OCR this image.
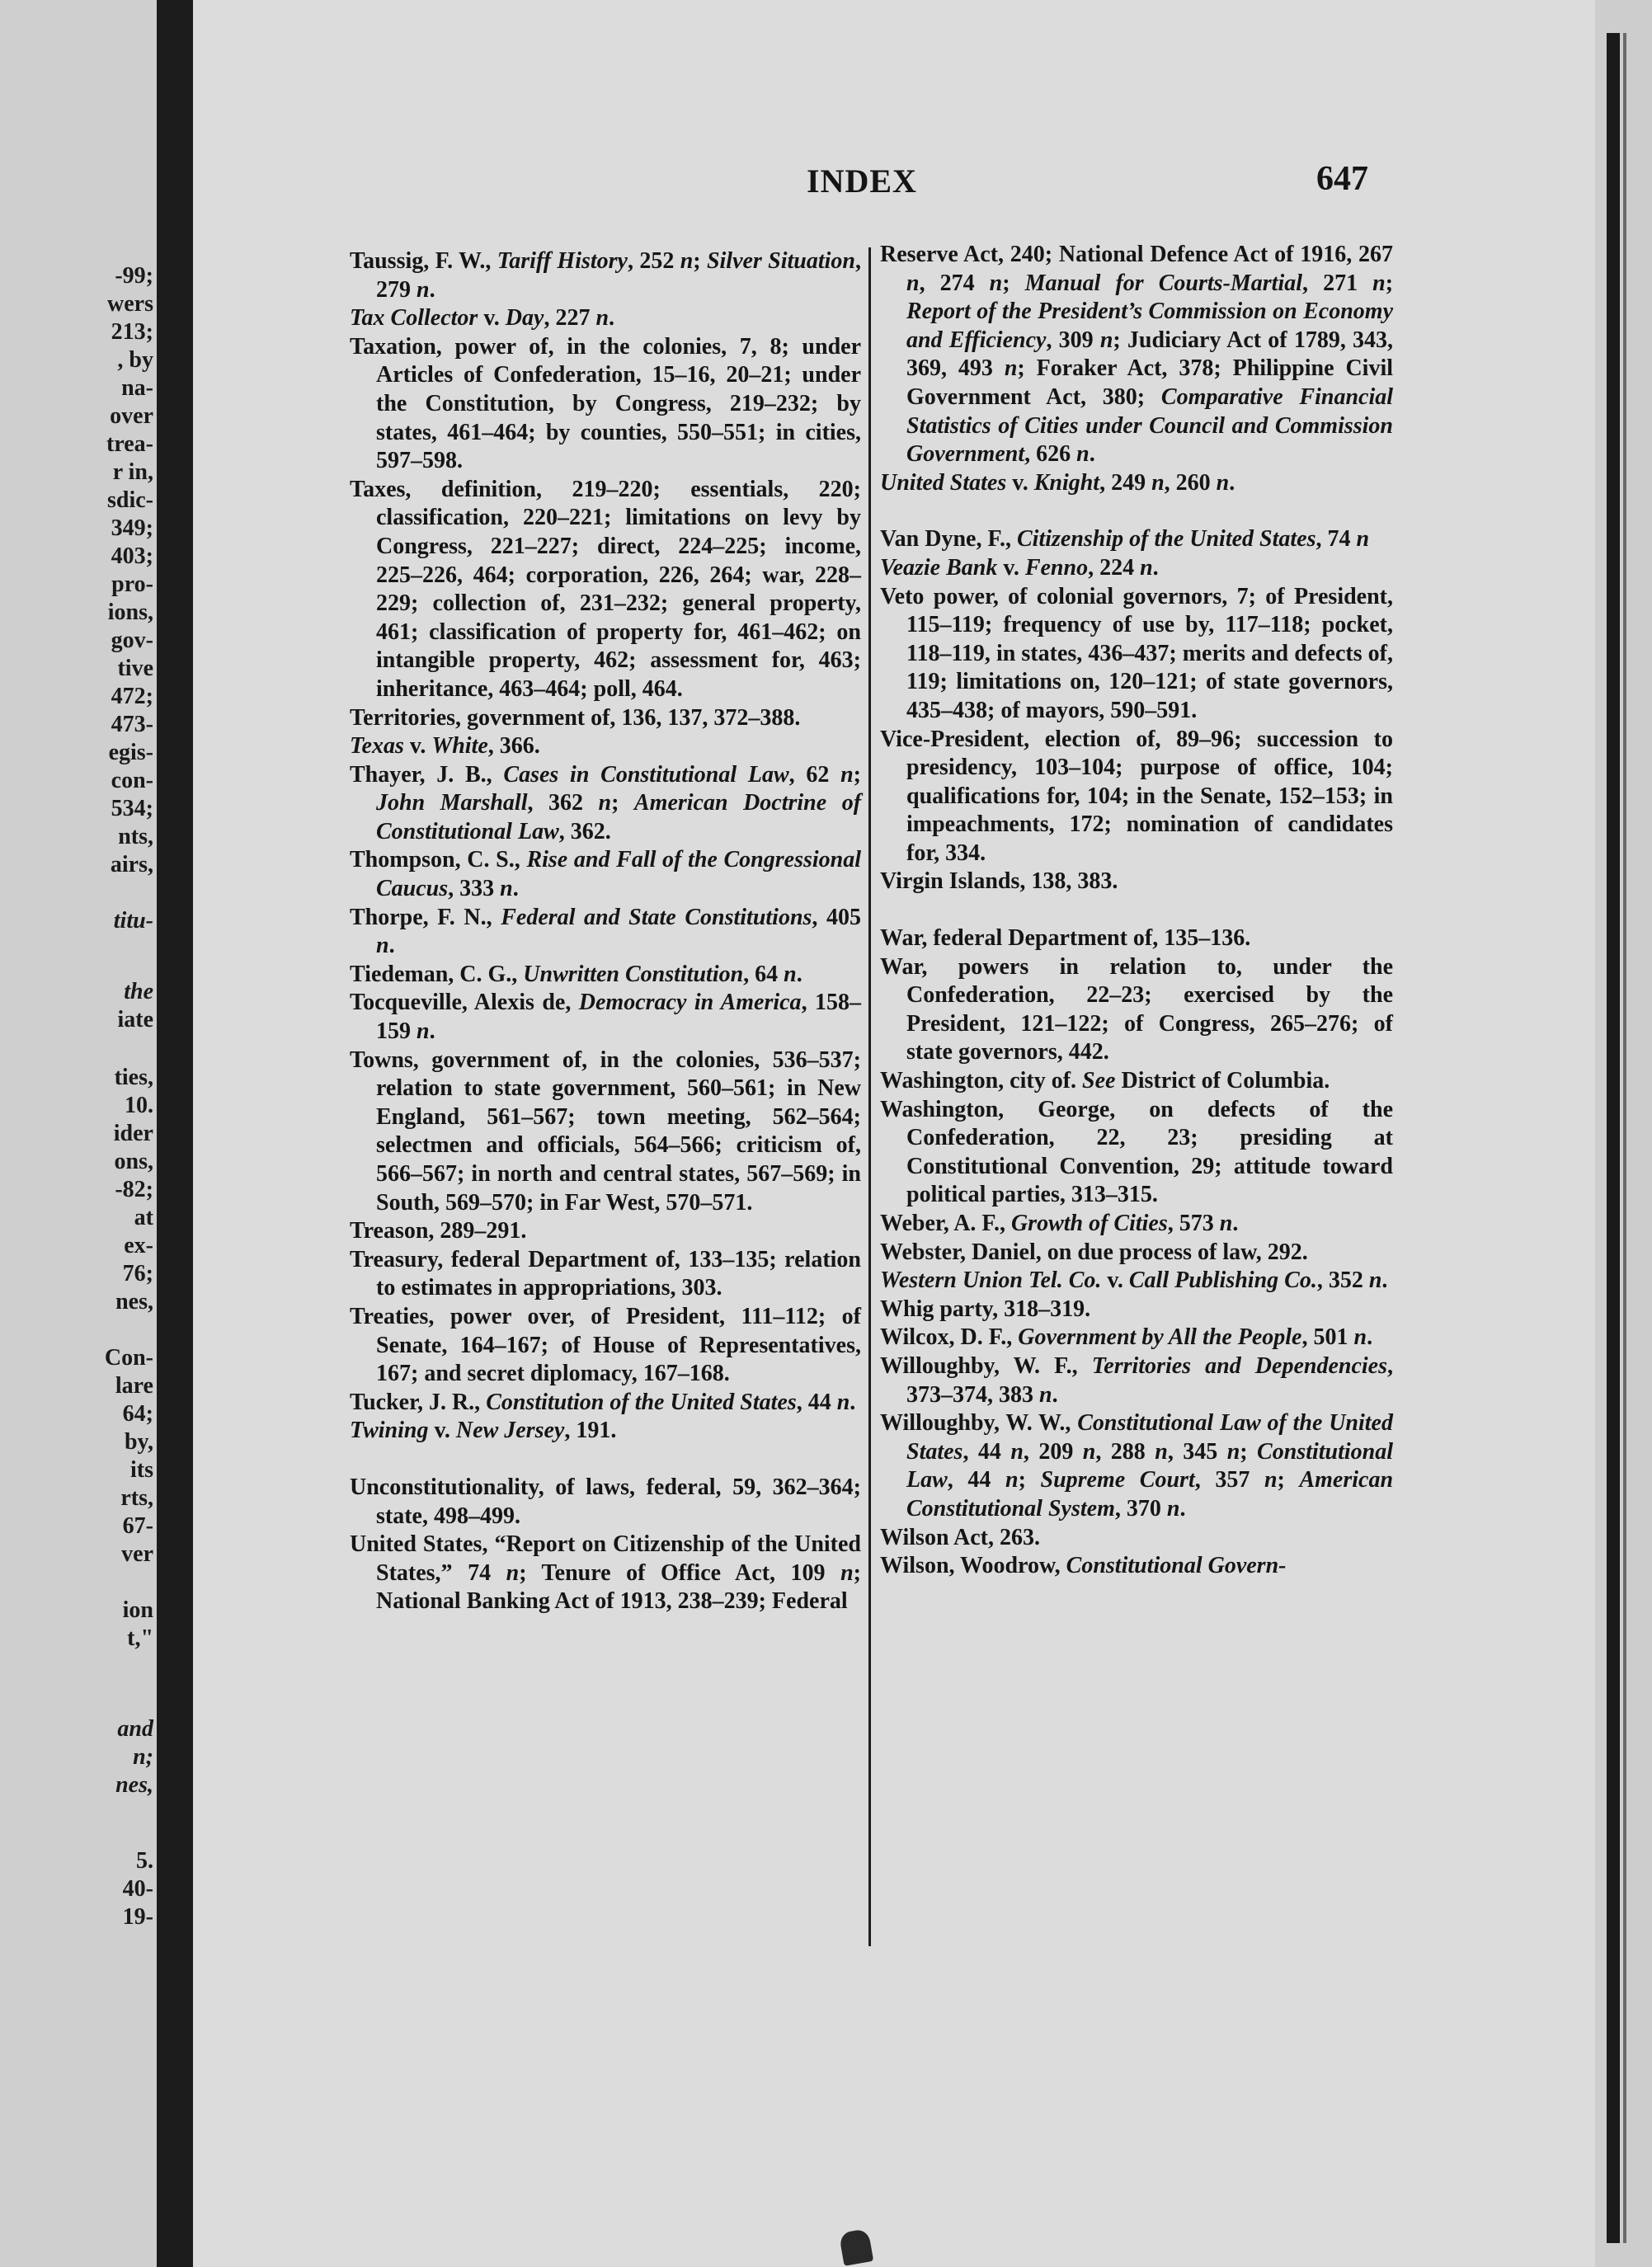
-99;
wers
213;
, by
na-
over
trea-
r in,
sdic-
349;
403;
pro-
ions,
gov-
tive
472;
473-
egis-
con-
534;
nts,
airs,
titu-
the
iate
ties,
10.
ider
ons,
-82;
at
ex-
76;
nes,
Con-
lare
64;
by,
its
rts,
67-
ver
ion
t,"
and
n;
nes,
5.
40-
19-
INDEX	647

Taussig, F. W., Tariff History, 252 n; Silver Situation, 279 n.

Tax Collector v. Day, 227 n.

Taxation, power of, in the colonies, 7, 8; under Articles of Confederation, 15–16, 20–21; under the Constitution, by Congress, 219–232; by states, 461–464; by counties, 550–551; in cities, 597–598.

Taxes, definition, 219–220; essentials, 220; classification, 220–221; limitations on levy by Congress, 221–227; direct, 224–225; income, 225–226, 464; corporation, 226, 264; war, 228–229; collection of, 231–232; general property, 461; classification of property for, 461–462; on intangible property, 462; assessment for, 463; inheritance, 463–464; poll, 464.

Territories, government of, 136, 137, 372–388.

Texas v. White, 366.

Thayer, J. B., Cases in Constitutional Law, 62 n; John Marshall, 362 n; American Doctrine of Constitutional Law, 362.

Thompson, C. S., Rise and Fall of the Congressional Caucus, 333 n.

Thorpe, F. N., Federal and State Constitutions, 405 n.

Tiedeman, C. G., Unwritten Constitution, 64 n.

Tocqueville, Alexis de, Democracy in America, 158–159 n.

Towns, government of, in the colonies, 536–537; relation to state government, 560–561; in New England, 561–567; town meeting, 562–564; selectmen and officials, 564–566; criticism of, 566–567; in north and central states, 567–569; in South, 569–570; in Far West, 570–571.

Treason, 289–291.

Treasury, federal Department of, 133–135; relation to estimates in appropriations, 303.

Treaties, power over, of President, 111–112; of Senate, 164–167; of House of Representatives, 167; and secret diplomacy, 167–168.

Tucker, J. R., Constitution of the United States, 44 n.

Twining v. New Jersey, 191.

Unconstitutionality, of laws, federal, 59, 362–364; state, 498–499.

United States, “Report on Citizenship of the United States,” 74 n; Tenure of Office Act, 109 n; National Banking Act of 1913, 238–239; Federal

Reserve Act, 240; National Defence Act of 1916, 267 n, 274 n; Manual for Courts-Martial, 271 n; Report of the President’s Commission on Economy and Efficiency, 309 n; Judiciary Act of 1789, 343, 369, 493 n; Foraker Act, 378; Philippine Civil Government Act, 380; Comparative Financial Statistics of Cities under Council and Commission Government, 626 n.

United States v. Knight, 249 n, 260 n.

Van Dyne, F., Citizenship of the United States, 74 n

Veazie Bank v. Fenno, 224 n.

Veto power, of colonial governors, 7; of President, 115–119; frequency of use by, 117–118; pocket, 118–119, in states, 436–437; merits and defects of, 119; limitations on, 120–121; of state governors, 435–438; of mayors, 590–591.

Vice-President, election of, 89–96; succession to presidency, 103–104; purpose of office, 104; qualifications for, 104; in the Senate, 152–153; in impeachments, 172; nomination of candidates for, 334.

Virgin Islands, 138, 383.

War, federal Department of, 135–136.

War, powers in relation to, under the Confederation, 22–23; exercised by the President, 121–122; of Congress, 265–276; of state governors, 442.

Washington, city of. See District of Columbia.

Washington, George, on defects of the Confederation, 22, 23; presiding at Constitutional Convention, 29; attitude toward political parties, 313–315.

Weber, A. F., Growth of Cities, 573 n.

Webster, Daniel, on due process of law, 292.

Western Union Tel. Co. v. Call Publishing Co., 352 n.

Whig party, 318–319.

Wilcox, D. F., Government by All the People, 501 n.

Willoughby, W. F., Territories and Dependencies, 373–374, 383 n.

Willoughby, W. W., Constitutional Law of the United States, 44 n, 209 n, 288 n, 345 n; Constitutional Law, 44 n; Supreme Court, 357 n; American Constitutional System, 370 n.

Wilson Act, 263.

Wilson, Woodrow, Constitutional Govern-
